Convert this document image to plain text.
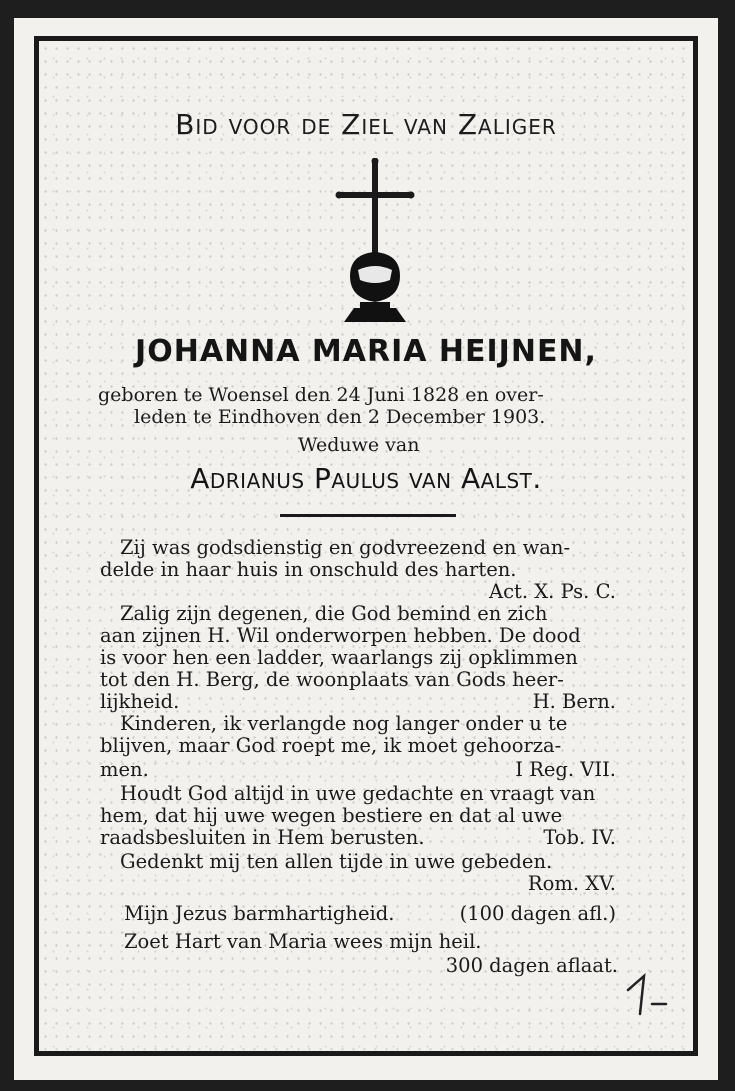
Bid voor de Ziel van Zaliger
JOHANNA MARIA HEIJNEN,
geboren te Woensel den 24 Juni 1828 en over-
leden te Eindhoven den 2 December 1903.
Weduwe van
Adrianus Paulus van Aalst.
Zij was godsdienstig en godvreezend en wan-
delde in haar huis in onschuld des harten.
Act. X. Ps. C.
Zalig zijn degenen, die God bemind en zich
aan zijnen H. Wil onderworpen hebben. De dood
is voor hen een ladder, waarlangs zij opklimmen
tot den H. Berg, de woonplaats van Gods heer-
lijkheid.	H. Bern.
Kinderen, ik verlangde nog langer onder u te
blijven, maar God roept me, ik moet gehoorza-
men.	I Reg. VII.
Houdt God altijd in uwe gedachte en vraagt van
hem, dat hij uwe wegen bestiere en dat al uwe
raadsbesluiten in Hem berusten.	Tob. IV.
Gedenkt mij ten allen tijde in uwe gebeden.
Rom. XV.
Mijn Jezus barmhartigheid.	(100 dagen afl.)
Zoet Hart van Maria wees mijn heil.
300 dagen aflaat.
